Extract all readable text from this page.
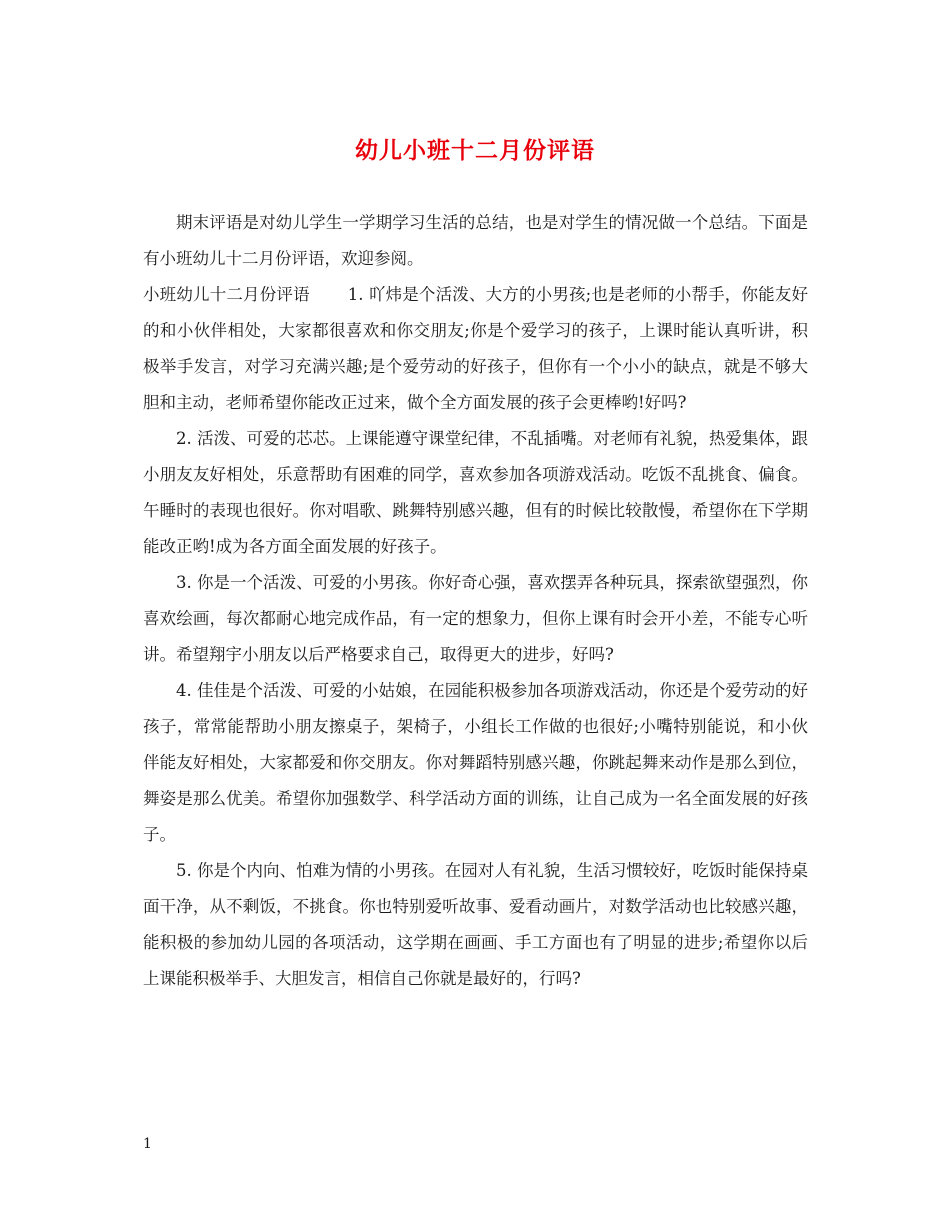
幼儿小班十二月份评语

期末评语是对幼儿学生一学期学习生活的总结，也是对学生的情况做一个总结。下面是有小班幼儿十二月份评语，欢迎参阅。

小班幼儿十二月份评语 1. 吖炜是个活泼、大方的小男孩;也是老师的小帮手，你能友好的和小伙伴相处，大家都很喜欢和你交朋友;你是个爱学习的孩子，上课时能认真听讲，积极举手发言，对学习充满兴趣;是个爱劳动的好孩子，但你有一个小小的缺点，就是不够大胆和主动，老师希望你能改正过来，做个全方面发展的孩子会更棒哟!好吗?

2. 活泼、可爱的芯芯。上课能遵守课堂纪律，不乱插嘴。对老师有礼貌，热爱集体，跟小朋友友好相处，乐意帮助有困难的同学，喜欢参加各项游戏活动。吃饭不乱挑食、偏食。午睡时的表现也很好。你对唱歌、跳舞特别感兴趣，但有的时候比较散慢，希望你在下学期能改正哟!成为各方面全面发展的好孩子。

3. 你是一个活泼、可爱的小男孩。你好奇心强，喜欢摆弄各种玩具，探索欲望强烈，你喜欢绘画，每次都耐心地完成作品，有一定的想象力，但你上课有时会开小差，不能专心听讲。希望翔宇小朋友以后严格要求自己，取得更大的进步，好吗?

4. 佳佳是个活泼、可爱的小姑娘，在园能积极参加各项游戏活动，你还是个爱劳动的好孩子，常常能帮助小朋友擦桌子，架椅子，小组长工作做的也很好;小嘴特别能说，和小伙伴能友好相处，大家都爱和你交朋友。你对舞蹈特别感兴趣，你跳起舞来动作是那么到位，舞姿是那么优美。希望你加强数学、科学活动方面的训练，让自己成为一名全面发展的好孩子。

5. 你是个内向、怕难为情的小男孩。在园对人有礼貌，生活习惯较好，吃饭时能保持桌面干净，从不剩饭，不挑食。你也特别爱听故事、爱看动画片，对数学活动也比较感兴趣，能积极的参加幼儿园的各项活动，这学期在画画、手工方面也有了明显的进步;希望你以后上课能积极举手、大胆发言，相信自己你就是最好的，行吗?

1
